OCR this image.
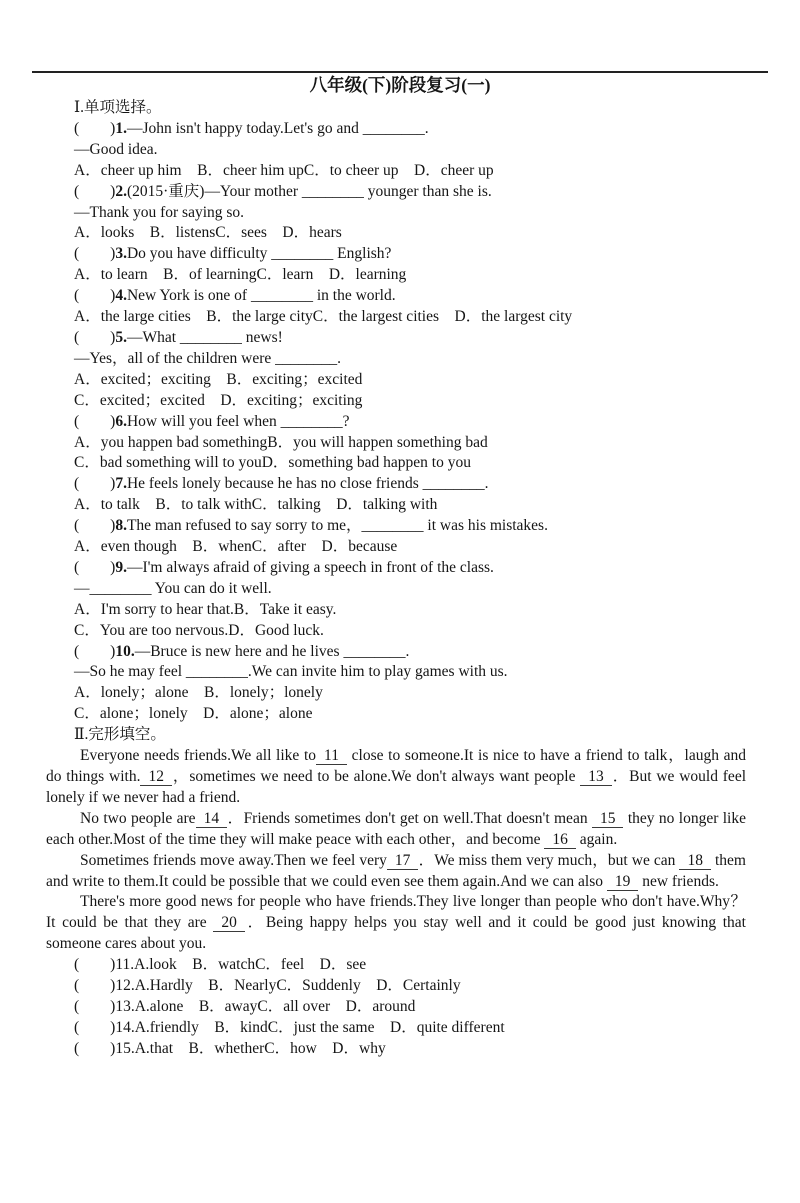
八年级(下)阶段复习(一)
Ⅰ.单项选择。
(　　)1.—John isn't happy today.Let's go and ________.
—Good idea.
A．cheer up him　B．cheer him upC．to cheer up　D．cheer up
(　　)2.(2015·重庆)—Your mother ________ younger than she is.
—Thank you for saying so.
A．looks　B．listensC．sees　D．hears
(　　)3.Do you have difficulty ________ English?
A．to learn　B．of learningC．learn　D．learning
(　　)4.New York is one of ________ in the world.
A．the large cities　B．the large cityC．the largest cities　D．the largest city
(　　)5.—What ________ news!
—Yes，all of the children were ________.
A．excited；exciting　B．exciting；excited
C．excited；excited　D．exciting；exciting
(　　)6.How will you feel when ________?
A．you happen bad somethingB．you will happen something bad
C．bad something will to youD．something bad happen to you
(　　)7.He feels lonely because he has no close friends ________.
A．to talk　B．to talk withC．talking　D．talking with
(　　)8.The man refused to say sorry to me，________ it was his mistakes.
A．even though　B．whenC．after　D．because
(　　)9.—I'm always afraid of giving a speech in front of the class.
—________ You can do it well.
A．I'm sorry to hear that.B．Take it easy.
C．You are too nervous.D．Good luck.
(　　)10.—Bruce is new here and he lives ________.
—So he may feel ________.We can invite him to play games with us.
A．lonely；alone　B．lonely；lonely
C．alone；lonely　D．alone；alone
Ⅱ.完形填空。

Everyone needs friends.We all like to 11 close to someone.It is nice to have a friend to talk，laugh and do things with. 12 ，sometimes we need to be alone.We don't always want people 13 ．But we would feel lonely if we never had a friend.

No two people are 14 ．Friends sometimes don't get on well.That doesn't mean 15 they no longer like each other.Most of the time they will make peace with each other，and become 16 again.

Sometimes friends move away.Then we feel very 17 ．We miss them very much，but we can 18 them and write to them.It could be possible that we could even see them again.And we can also 19 new friends.

There's more good news for people who have friends.They live longer than people who don't have.Why？It could be that they are 20 ．Being happy helps you stay well and it could be good just knowing that someone cares about you.

(　　)11.A.look　B．watchC．feel　D．see
(　　)12.A.Hardly　B．NearlyC．Suddenly　D．Certainly
(　　)13.A.alone　B．awayC．all over　D．around
(　　)14.A.friendly　B．kindC．just the same　D．quite different
(　　)15.A.that　B．whetherC．how　D．why
